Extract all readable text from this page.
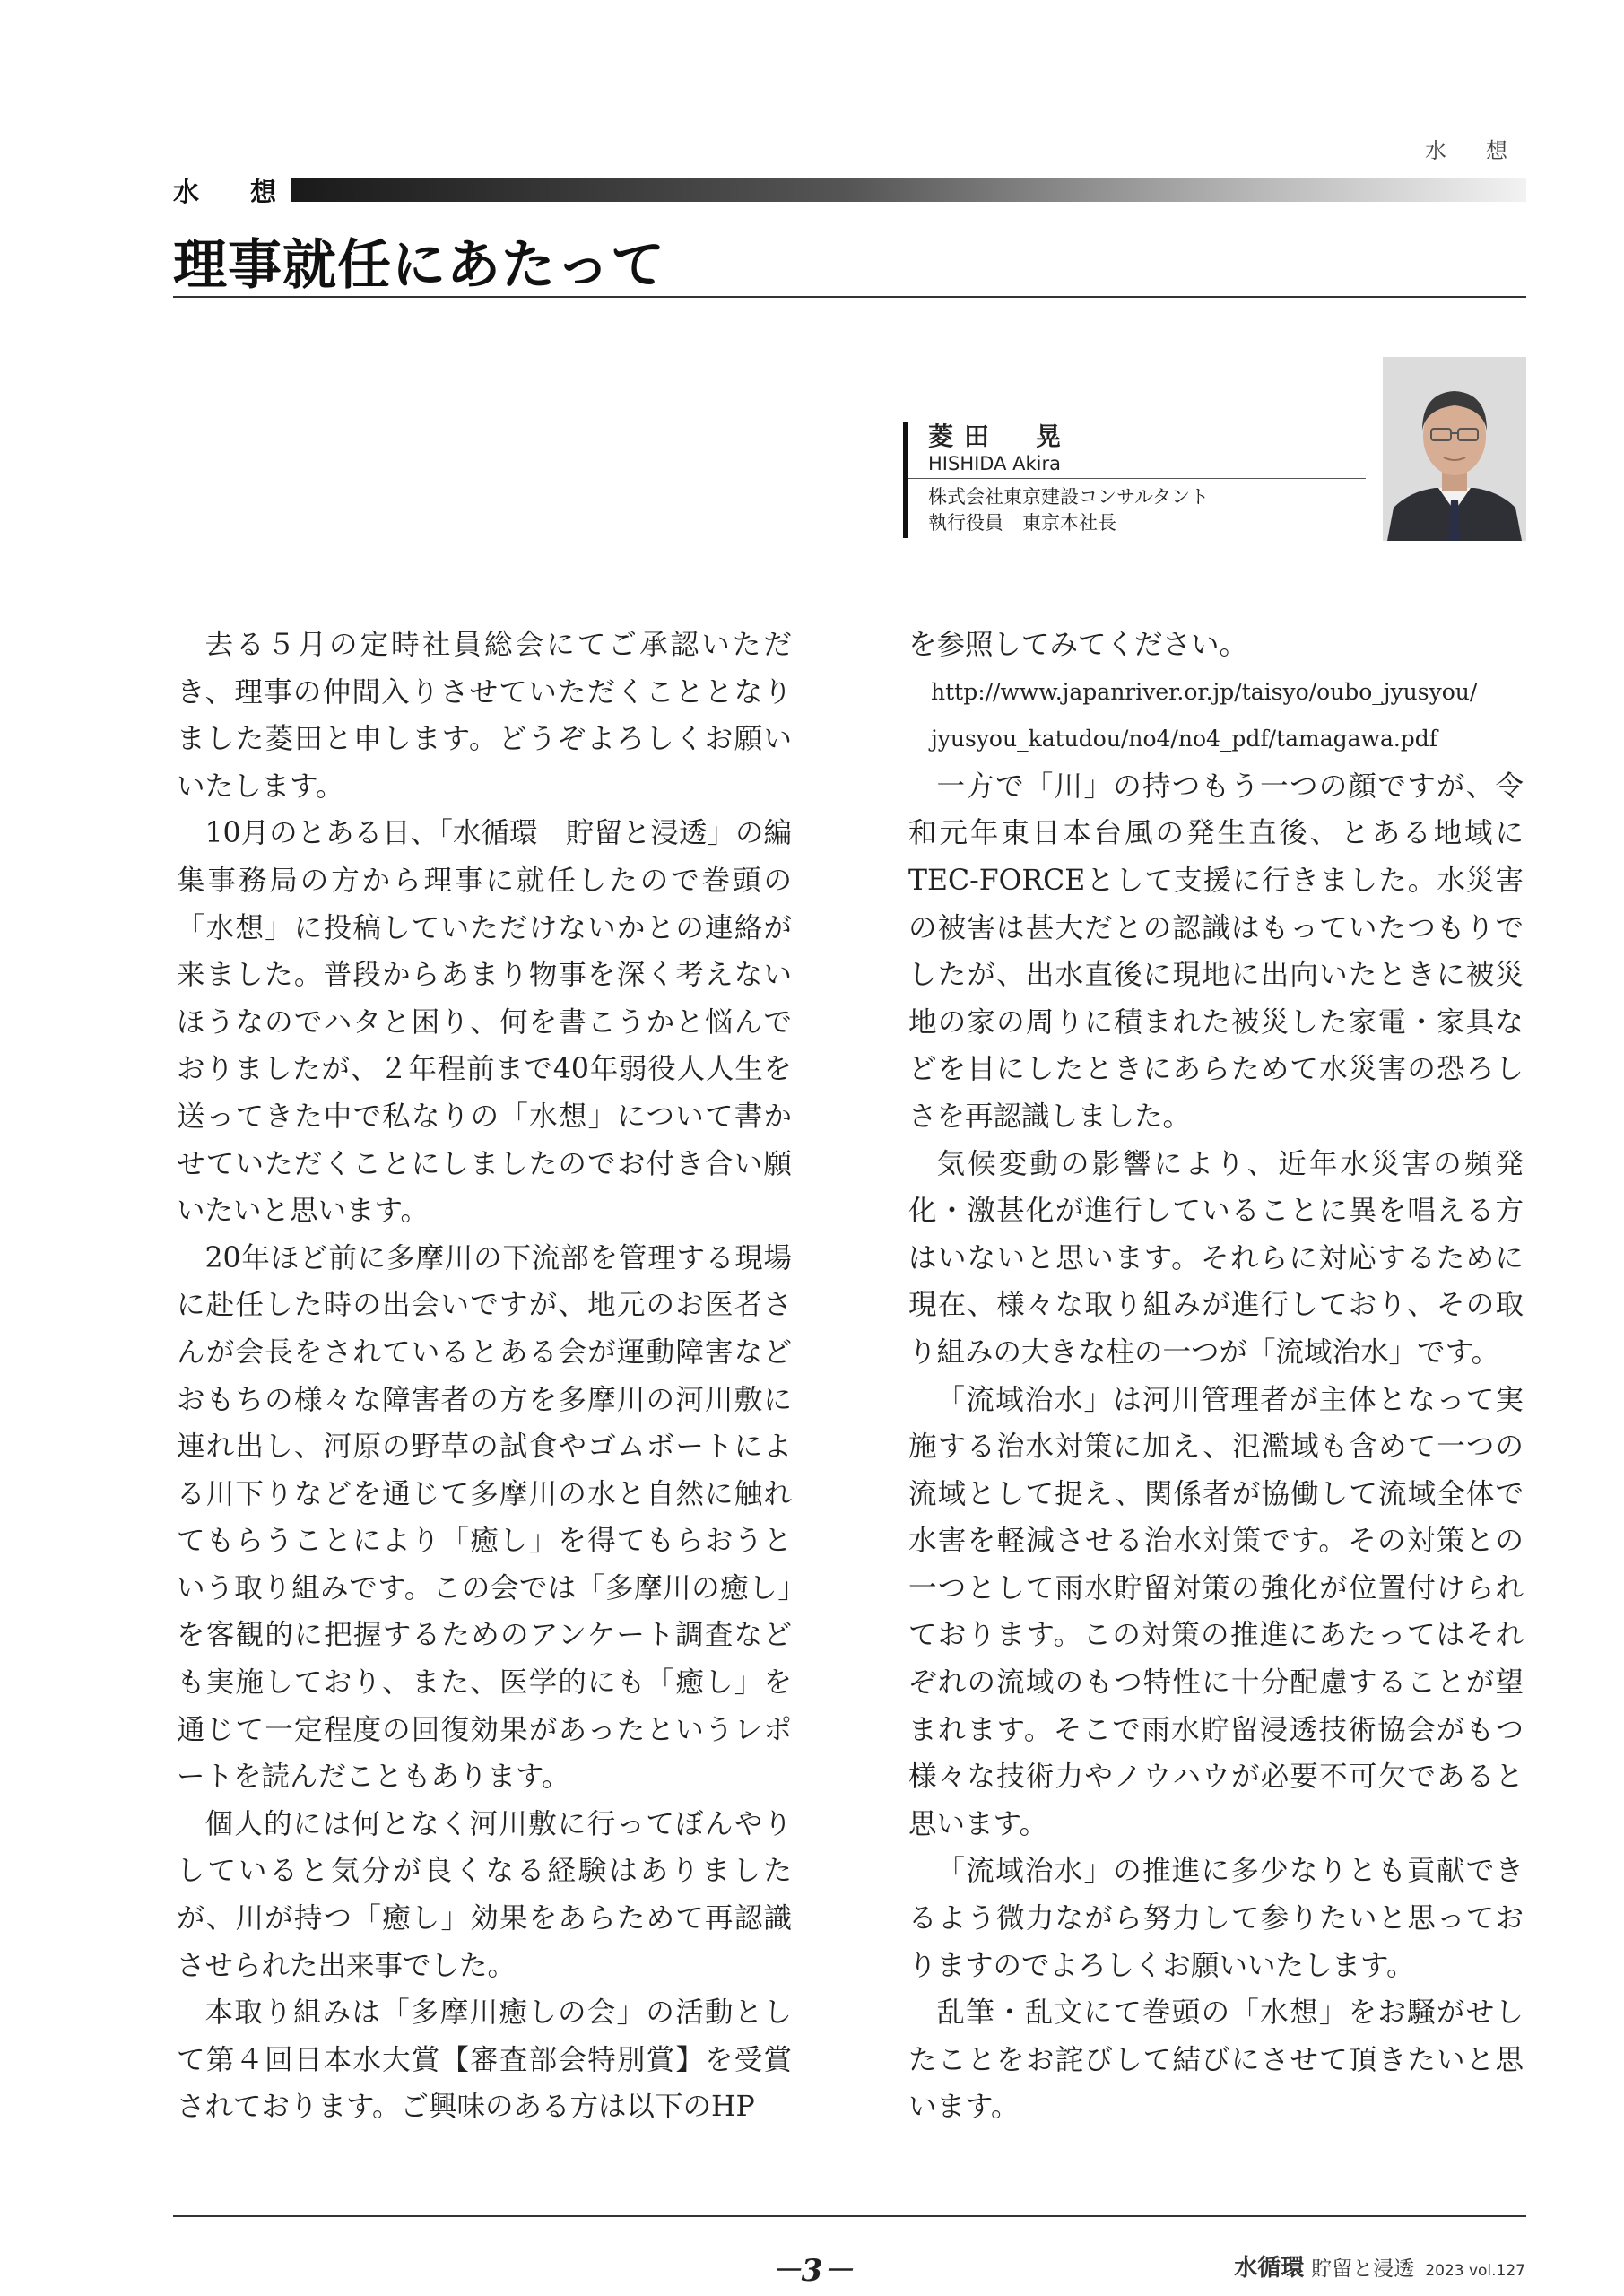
水　想
水　想
理事就任にあたって
菱田　晃
HISHIDA Akira
株式会社東京建設コンサルタント
執行役員　東京本社長

去る５月の定時社員総会にてご承認いただき、理事の仲間入りさせていただくこととなりました菱田と申します。どうぞよろしくお願いいたします。

10月のとある日、「水循環　貯留と浸透」の編集事務局の方から理事に就任したので巻頭の「水想」に投稿していただけないかとの連絡が来ました。普段からあまり物事を深く考えないほうなのでハタと困り、何を書こうかと悩んでおりましたが、２年程前まで40年弱役人人生を送ってきた中で私なりの「水想」について書かせていただくことにしましたのでお付き合い願いたいと思います。

20年ほど前に多摩川の下流部を管理する現場に赴任した時の出会いですが、地元のお医者さんが会長をされているとある会が運動障害などおもちの様々な障害者の方を多摩川の河川敷に連れ出し、河原の野草の試食やゴムボートによる川下りなどを通じて多摩川の水と自然に触れてもらうことにより「癒し」を得てもらおうという取り組みです。この会では「多摩川の癒し」を客観的に把握するためのアンケート調査なども実施しており、また、医学的にも「癒し」を通じて一定程度の回復効果があったというレポートを読んだこともあります。

個人的には何となく河川敷に行ってぼんやりしていると気分が良くなる経験はありましたが、川が持つ「癒し」効果をあらためて再認識させられた出来事でした。

本取り組みは「多摩川癒しの会」の活動として第４回日本水大賞【審査部会特別賞】を受賞されております。ご興味のある方は以下のHP

を参照してみてください。

http://www.japanriver.or.jp/taisyo/oubo_jyusyou/
jyusyou_katudou/no4/no4_pdf/tamagawa.pdf

一方で「川」の持つもう一つの顔ですが、令和元年東日本台風の発生直後、とある地域にTEC-FORCEとして支援に行きました。水災害の被害は甚大だとの認識はもっていたつもりでしたが、出水直後に現地に出向いたときに被災地の家の周りに積まれた被災した家電・家具などを目にしたときにあらためて水災害の恐ろしさを再認識しました。

気候変動の影響により、近年水災害の頻発化・激甚化が進行していることに異を唱える方はいないと思います。それらに対応するために現在、様々な取り組みが進行しており、その取り組みの大きな柱の一つが「流域治水」です。

「流域治水」は河川管理者が主体となって実施する治水対策に加え、氾濫域も含めて一つの流域として捉え、関係者が協働して流域全体で水害を軽減させる治水対策です。その対策との一つとして雨水貯留対策の強化が位置付けられております。この対策の推進にあたってはそれぞれの流域のもつ特性に十分配慮することが望まれます。そこで雨水貯留浸透技術協会がもつ様々な技術力やノウハウが必要不可欠であると思います。

「流域治水」の推進に多少なりとも貢献できるよう微力ながら努力して参りたいと思っておりますのでよろしくお願いいたします。

乱筆・乱文にて巻頭の「水想」をお騒がせしたことをお詫びして結びにさせて頂きたいと思います。

－3－	水循環 貯留と浸透 2023 vol.127
